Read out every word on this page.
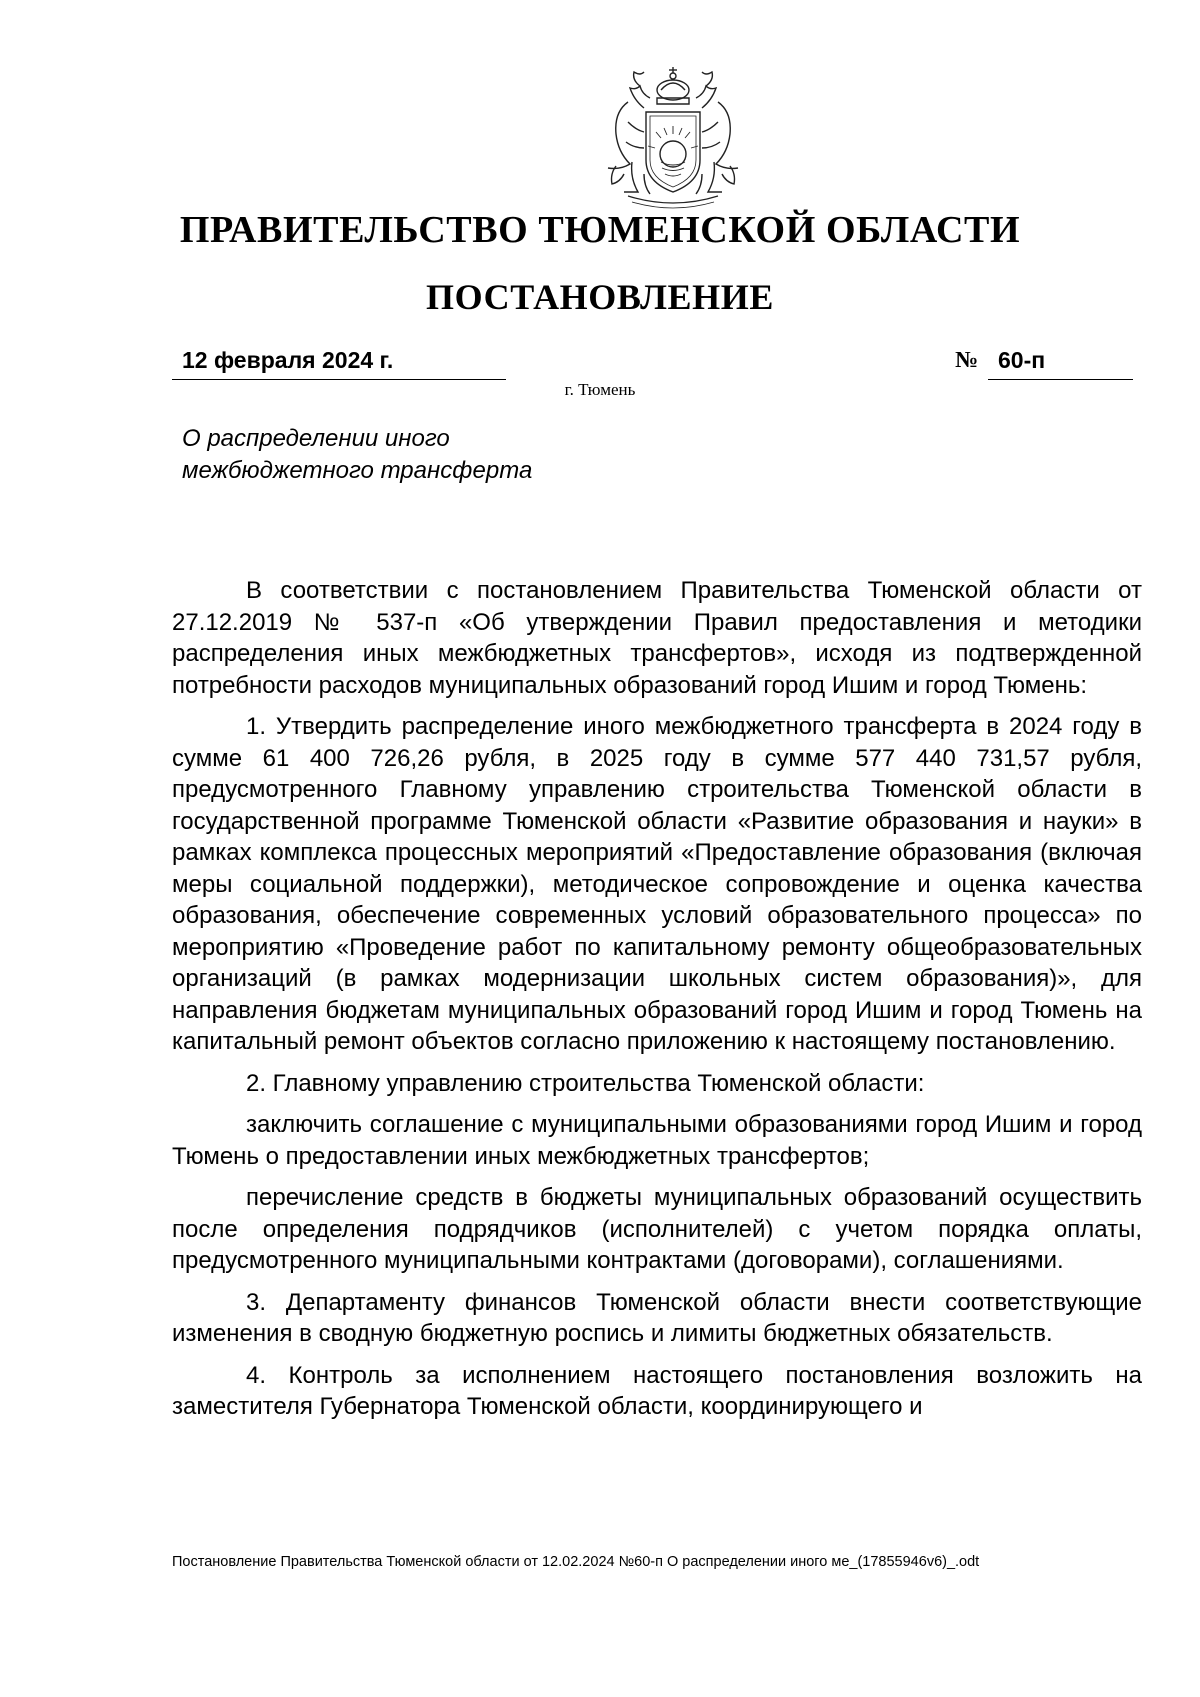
ПРАВИТЕЛЬСТВО ТЮМЕНСКОЙ ОБЛАСТИ
ПОСТАНОВЛЕНИЕ
12 февраля 2024 г.	№ 60-п
г. Тюмень
О распределении иного
межбюджетного трансферта

В соответствии с постановлением Правительства Тюменской области от 27.12.2019 № 537-п «Об утверждении Правил предоставления и методики распределения иных межбюджетных трансфертов», исходя из подтвержденной потребности расходов муниципальных образований город Ишим и город Тюмень:

1. Утвердить распределение иного межбюджетного трансферта в 2024 году в сумме 61 400 726,26 рубля, в 2025 году в сумме 577 440 731,57 рубля, предусмотренного Главному управлению строительства Тюменской области в государственной программе Тюменской области «Развитие образования и науки» в рамках комплекса процессных мероприятий «Предоставление образования (включая меры социальной поддержки), методическое сопровождение и оценка качества образования, обеспечение современных условий образовательного процесса» по мероприятию «Проведение работ по капитальному ремонту общеобразовательных организаций (в рамках модернизации школьных систем образования)», для направления бюджетам муниципальных образований город Ишим и город Тюмень на капитальный ремонт объектов согласно приложению к настоящему постановлению.

2. Главному управлению строительства Тюменской области:

заключить соглашение с муниципальными образованиями город Ишим и город Тюмень о предоставлении иных межбюджетных трансфертов;

перечисление средств в бюджеты муниципальных образований осуществить после определения подрядчиков (исполнителей) с учетом порядка оплаты, предусмотренного муниципальными контрактами (договорами), соглашениями.

3. Департаменту финансов Тюменской области внести соответствующие изменения в сводную бюджетную роспись и лимиты бюджетных обязательств.

4. Контроль за исполнением настоящего постановления возложить на заместителя Губернатора Тюменской области, координирующего и

Постановление Правительства Тюменской области от 12.02.2024 №60-п О распределении иного ме_(17855946v6)_.odt
